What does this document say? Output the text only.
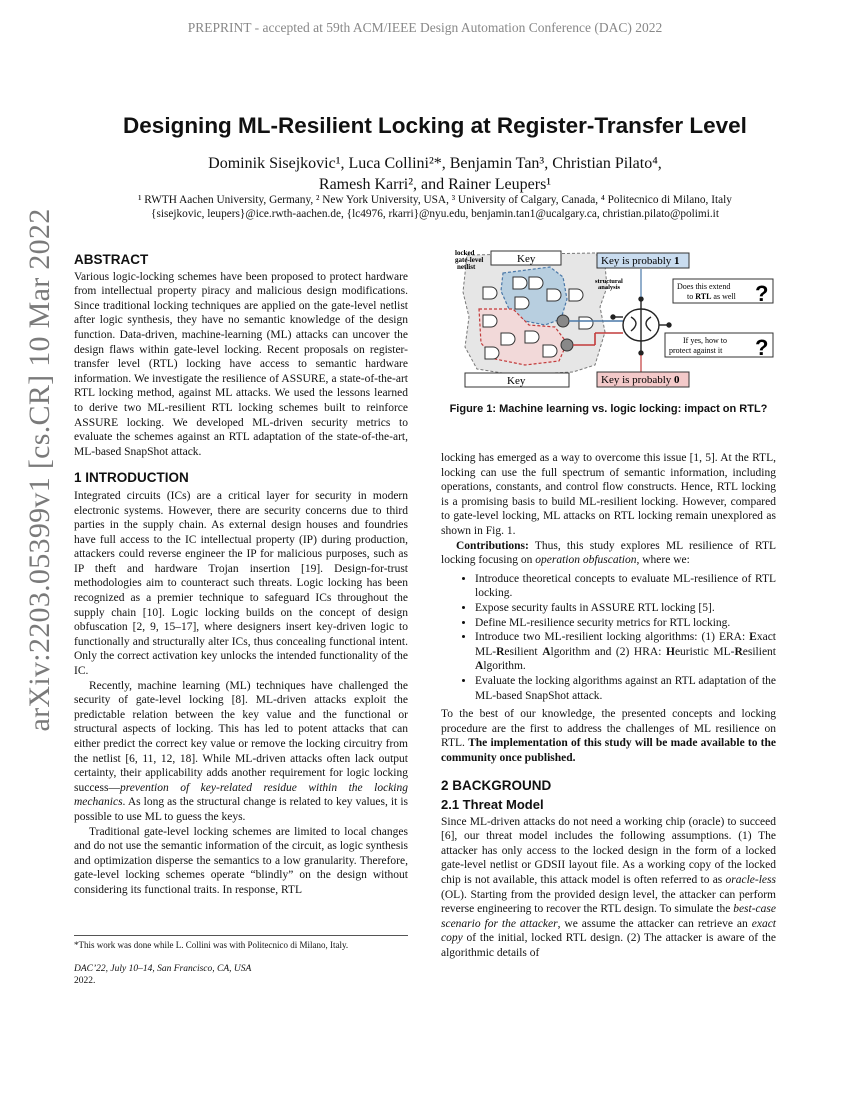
PREPRINT - accepted at 59th ACM/IEEE Design Automation Conference (DAC) 2022
arXiv:2203.05399v1 [cs.CR] 10 Mar 2022
Designing ML-Resilient Locking at Register-Transfer Level
Dominik Sisejkovic¹, Luca Collini²*, Benjamin Tan³, Christian Pilato⁴,
Ramesh Karri², and Rainer Leupers¹
¹ RWTH Aachen University, Germany, ² New York University, USA, ³ University of Calgary, Canada, ⁴ Politecnico di Milano, Italy
{sisejkovic, leupers}@ice.rwth-aachen.de, {lc4976, rkarri}@nyu.edu, benjamin.tan1@ucalgary.ca, christian.pilato@polimi.it
ABSTRACT

Various logic-locking schemes have been proposed to protect hardware from intellectual property piracy and malicious design modifications. Since traditional locking techniques are applied on the gate-level netlist after logic synthesis, they have no semantic knowledge of the design function. Data-driven, machine-learning (ML) attacks can uncover the design flaws within gate-level locking. Recent proposals on register-transfer level (RTL) locking have access to semantic hardware information. We investigate the resilience of ASSURE, a state-of-the-art RTL locking method, against ML attacks. We used the lessons learned to derive two ML-resilient RTL locking schemes built to reinforce ASSURE locking. We developed ML-driven security metrics to evaluate the schemes against an RTL adaptation of the state-of-the-art, ML-based SnapShot attack.

1 INTRODUCTION

Integrated circuits (ICs) are a critical layer for security in modern electronic systems. However, there are security concerns due to third parties in the supply chain. As external design houses and foundries have full access to the IC intellectual property (IP) during production, attackers could reverse engineer the IP for malicious purposes, such as IP theft and hardware Trojan insertion [19]. Design-for-trust methodologies aim to counteract such threats. Logic locking has been recognized as a premier technique to safeguard ICs throughout the supply chain [10]. Logic locking builds on the concept of design obfuscation [2, 9, 15–17], where designers insert key-driven logic to functionally and structurally alter ICs, thus concealing functional intent. Only the correct activation key unlocks the intended functionality of the IC.

Recently, machine learning (ML) techniques have challenged the security of gate-level locking [8]. ML-driven attacks exploit the predictable relation between the key value and the functional or structural aspects of locking. This has led to potent attacks that can either predict the correct key value or remove the locking circuitry from the netlist [6, 11, 12, 18]. While ML-driven attacks often lack output certainty, their applicability adds another requirement for logic locking success—prevention of key-related residue within the locking mechanics. As long as the structural change is related to key values, it is possible to use ML to guess the keys.

Traditional gate-level locking schemes are limited to local changes and do not use the semantic information of the circuit, as logic synthesis and optimization disperse the semantics to a low granularity. Therefore, gate-level locking schemes operate “blindly” on the design without considering its functional traits. In response, RTL

*This work was done while L. Collini was with Politecnico di Milano, Italy.
DAC’22, July 10–14, San Francisco, CA, USA
2022.
locked
gate-level
netlist
Key
Key
structural
analysis
Key is probably 1
Key is probably 0
Does this extend
to RTL as well ?
If yes, how to
protect against it ?
Figure 1: Machine learning vs. logic locking: impact on RTL?

locking has emerged as a way to overcome this issue [1, 5]. At the RTL, locking can use the full spectrum of semantic information, including operations, constants, and control flow constructs. Hence, RTL locking is a promising basis to build ML-resilient locking. However, compared to gate-level locking, ML attacks on RTL locking remain unexplored as shown in Fig. 1.

Contributions: Thus, this study explores ML resilience of RTL locking focusing on operation obfuscation, where we:

• Introduce theoretical concepts to evaluate ML-resilience of RTL locking.
• Expose security faults in ASSURE RTL locking [5].
• Define ML-resilience security metrics for RTL locking.
• Introduce two ML-resilient locking algorithms: (1) ERA: Exact ML-Resilient Algorithm and (2) HRA: Heuristic ML-Resilient Algorithm.
• Evaluate the locking algorithms against an RTL adaptation of the ML-based SnapShot attack.

To the best of our knowledge, the presented concepts and locking procedure are the first to address the challenges of ML resilience on RTL. The implementation of this study will be made available to the community once published.

2 BACKGROUND
2.1 Threat Model

Since ML-driven attacks do not need a working chip (oracle) to succeed [6], our threat model includes the following assumptions. (1) The attacker has only access to the locked design in the form of a locked gate-level netlist or GDSII layout file. As a working copy of the locked chip is not available, this attack model is often referred to as oracle-less (OL). Starting from the provided design level, the attacker can perform reverse engineering to recover the RTL design. To simulate the best-case scenario for the attacker, we assume the attacker can retrieve an exact copy of the initial, locked RTL design. (2) The attacker is aware of the algorithmic details of
